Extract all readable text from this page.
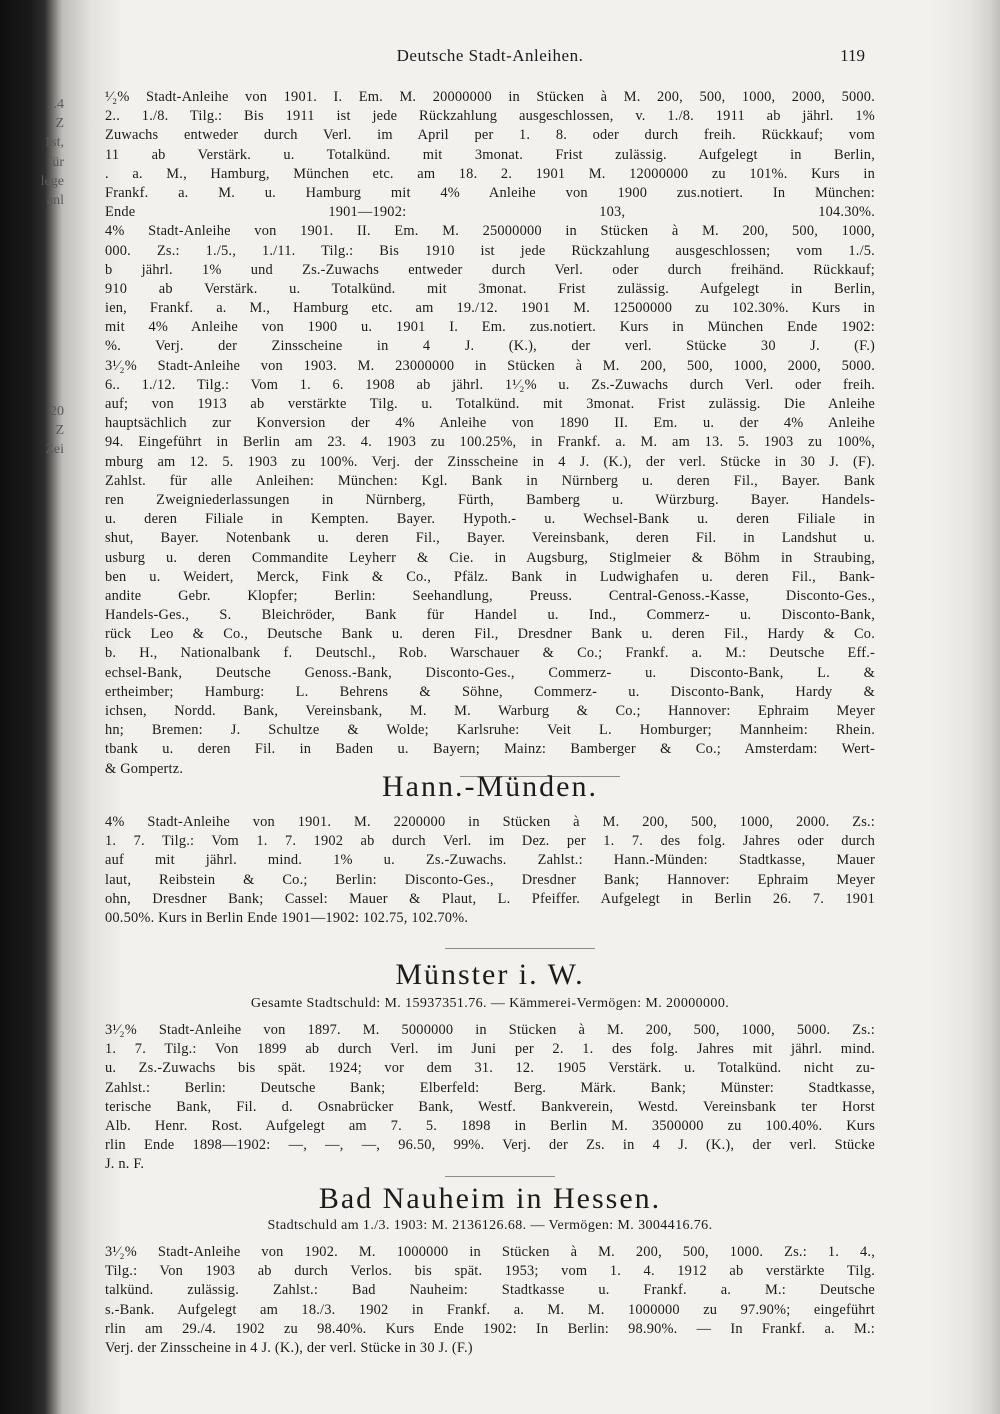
1.4
Z
1st,
für
lege
anl
20
Z
Zei
Deutsche Stadt-Anleihen.	119
¹⁄₂% Stadt-Anleihe von 1901. I. Em. M. 20000000 in Stücken à M. 200, 500, 1000, 2000, 5000.
2.. 1./8. Tilg.: Bis 1911 ist jede Rückzahlung ausgeschlossen, v. 1./8. 1911 ab jährl. 1%
Zuwachs entweder durch Verl. im April per 1. 8. oder durch freih. Rückkauf; vom
11 ab Verstärk. u. Totalkünd. mit 3monat. Frist zulässig. Aufgelegt in Berlin,
. a. M., Hamburg, München etc. am 18. 2. 1901 M. 12000000 zu 101%. Kurs in
Frankf. a. M. u. Hamburg mit 4% Anleihe von 1900 zus.notiert. In München:
Ende 1901—1902: 103, 104.30%.
4% Stadt-Anleihe von 1901. II. Em. M. 25000000 in Stücken à M. 200, 500, 1000,
000. Zs.: 1./5., 1./11. Tilg.: Bis 1910 ist jede Rückzahlung ausgeschlossen; vom 1./5.
b jährl. 1% und Zs.-Zuwachs entweder durch Verl. oder durch freihänd. Rückkauf;
910 ab Verstärk. u. Totalkünd. mit 3monat. Frist zulässig. Aufgelegt in Berlin,
ien, Frankf. a. M., Hamburg etc. am 19./12. 1901 M. 12500000 zu 102.30%. Kurs in
mit 4% Anleihe von 1900 u. 1901 I. Em. zus.notiert. Kurs in München Ende 1902:
%. Verj. der Zinsscheine in 4 J. (K.), der verl. Stücke 30 J. (F.)
3¹⁄₂% Stadt-Anleihe von 1903. M. 23000000 in Stücken à M. 200, 500, 1000, 2000, 5000.
6.. 1./12. Tilg.: Vom 1. 6. 1908 ab jährl. 1¹⁄₂% u. Zs.-Zuwachs durch Verl. oder freih.
auf; von 1913 ab verstärkte Tilg. u. Totalkünd. mit 3monat. Frist zulässig. Die Anleihe
hauptsächlich zur Konversion der 4% Anleihe von 1890 II. Em. u. der 4% Anleihe
94. Eingeführt in Berlin am 23. 4. 1903 zu 100.25%, in Frankf. a. M. am 13. 5. 1903 zu 100%,
mburg am 12. 5. 1903 zu 100%. Verj. der Zinsscheine in 4 J. (K.), der verl. Stücke in 30 J. (F).
Zahlst. für alle Anleihen: München: Kgl. Bank in Nürnberg u. deren Fil., Bayer. Bank
ren Zweigniederlassungen in Nürnberg, Fürth, Bamberg u. Würzburg. Bayer. Handels-
u. deren Filiale in Kempten. Bayer. Hypoth.- u. Wechsel-Bank u. deren Filiale in
shut, Bayer. Notenbank u. deren Fil., Bayer. Vereinsbank, deren Fil. in Landshut u.
usburg u. deren Commandite Leyherr & Cie. in Augsburg, Stiglmeier & Böhm in Straubing,
ben u. Weidert, Merck, Fink & Co., Pfälz. Bank in Ludwighafen u. deren Fil., Bank-
andite Gebr. Klopfer; Berlin: Seehandlung, Preuss. Central-Genoss.-Kasse, Disconto-Ges.,
Handels-Ges., S. Bleichröder, Bank für Handel u. Ind., Commerz- u. Disconto-Bank,
rück Leo & Co., Deutsche Bank u. deren Fil., Dresdner Bank u. deren Fil., Hardy & Co.
b. H., Nationalbank f. Deutschl., Rob. Warschauer & Co.; Frankf. a. M.: Deutsche Eff.-
echsel-Bank, Deutsche Genoss.-Bank, Disconto-Ges., Commerz- u. Disconto-Bank, L. &
ertheimber; Hamburg: L. Behrens & Söhne, Commerz- u. Disconto-Bank, Hardy &
ichsen, Nordd. Bank, Vereinsbank, M. M. Warburg & Co.; Hannover: Ephraim Meyer
hn; Bremen: J. Schultze & Wolde; Karlsruhe: Veit L. Homburger; Mannheim: Rhein.
tbank u. deren Fil. in Baden u. Bayern; Mainz: Bamberger & Co.; Amsterdam: Wert-
& Gompertz.
Hann.-Münden.
4% Stadt-Anleihe von 1901. M. 2200000 in Stücken à M. 200, 500, 1000, 2000. Zs.:
1. 7. Tilg.: Vom 1. 7. 1902 ab durch Verl. im Dez. per 1. 7. des folg. Jahres oder durch
auf mit jährl. mind. 1% u. Zs.-Zuwachs. Zahlst.: Hann.-Münden: Stadtkasse, Mauer
laut, Reibstein & Co.; Berlin: Disconto-Ges., Dresdner Bank; Hannover: Ephraim Meyer
ohn, Dresdner Bank; Cassel: Mauer & Plaut, L. Pfeiffer. Aufgelegt in Berlin 26. 7. 1901
00.50%. Kurs in Berlin Ende 1901—1902: 102.75, 102.70%.
Münster i. W.
Gesamte Stadtschuld: M. 15937351.76. — Kämmerei-Vermögen: M. 20000000.
3¹⁄₂% Stadt-Anleihe von 1897. M. 5000000 in Stücken à M. 200, 500, 1000, 5000. Zs.:
1. 7. Tilg.: Von 1899 ab durch Verl. im Juni per 2. 1. des folg. Jahres mit jährl. mind.
u. Zs.-Zuwachs bis spät. 1924; vor dem 31. 12. 1905 Verstärk. u. Totalkünd. nicht zu-
Zahlst.: Berlin: Deutsche Bank; Elberfeld: Berg. Märk. Bank; Münster: Stadtkasse,
terische Bank, Fil. d. Osnabrücker Bank, Westf. Bankverein, Westd. Vereinsbank ter Horst
Alb. Henr. Rost. Aufgelegt am 7. 5. 1898 in Berlin M. 3500000 zu 100.40%. Kurs
rlin Ende 1898—1902: —, —, —, 96.50, 99%. Verj. der Zs. in 4 J. (K.), der verl. Stücke
J. n. F.
Bad Nauheim in Hessen.
Stadtschuld am 1./3. 1903: M. 2136126.68. — Vermögen: M. 3004416.76.
3¹⁄₂% Stadt-Anleihe von 1902. M. 1000000 in Stücken à M. 200, 500, 1000. Zs.: 1. 4.,
Tilg.: Von 1903 ab durch Verlos. bis spät. 1953; vom 1. 4. 1912 ab verstärkte Tilg.
talkünd. zulässig. Zahlst.: Bad Nauheim: Stadtkasse u. Frankf. a. M.: Deutsche
s.-Bank. Aufgelegt am 18./3. 1902 in Frankf. a. M. M. 1000000 zu 97.90%; eingeführt
rlin am 29./4. 1902 zu 98.40%. Kurs Ende 1902: In Berlin: 98.90%. — In Frankf. a. M.:
Verj. der Zinsscheine in 4 J. (K.), der verl. Stücke in 30 J. (F.)
